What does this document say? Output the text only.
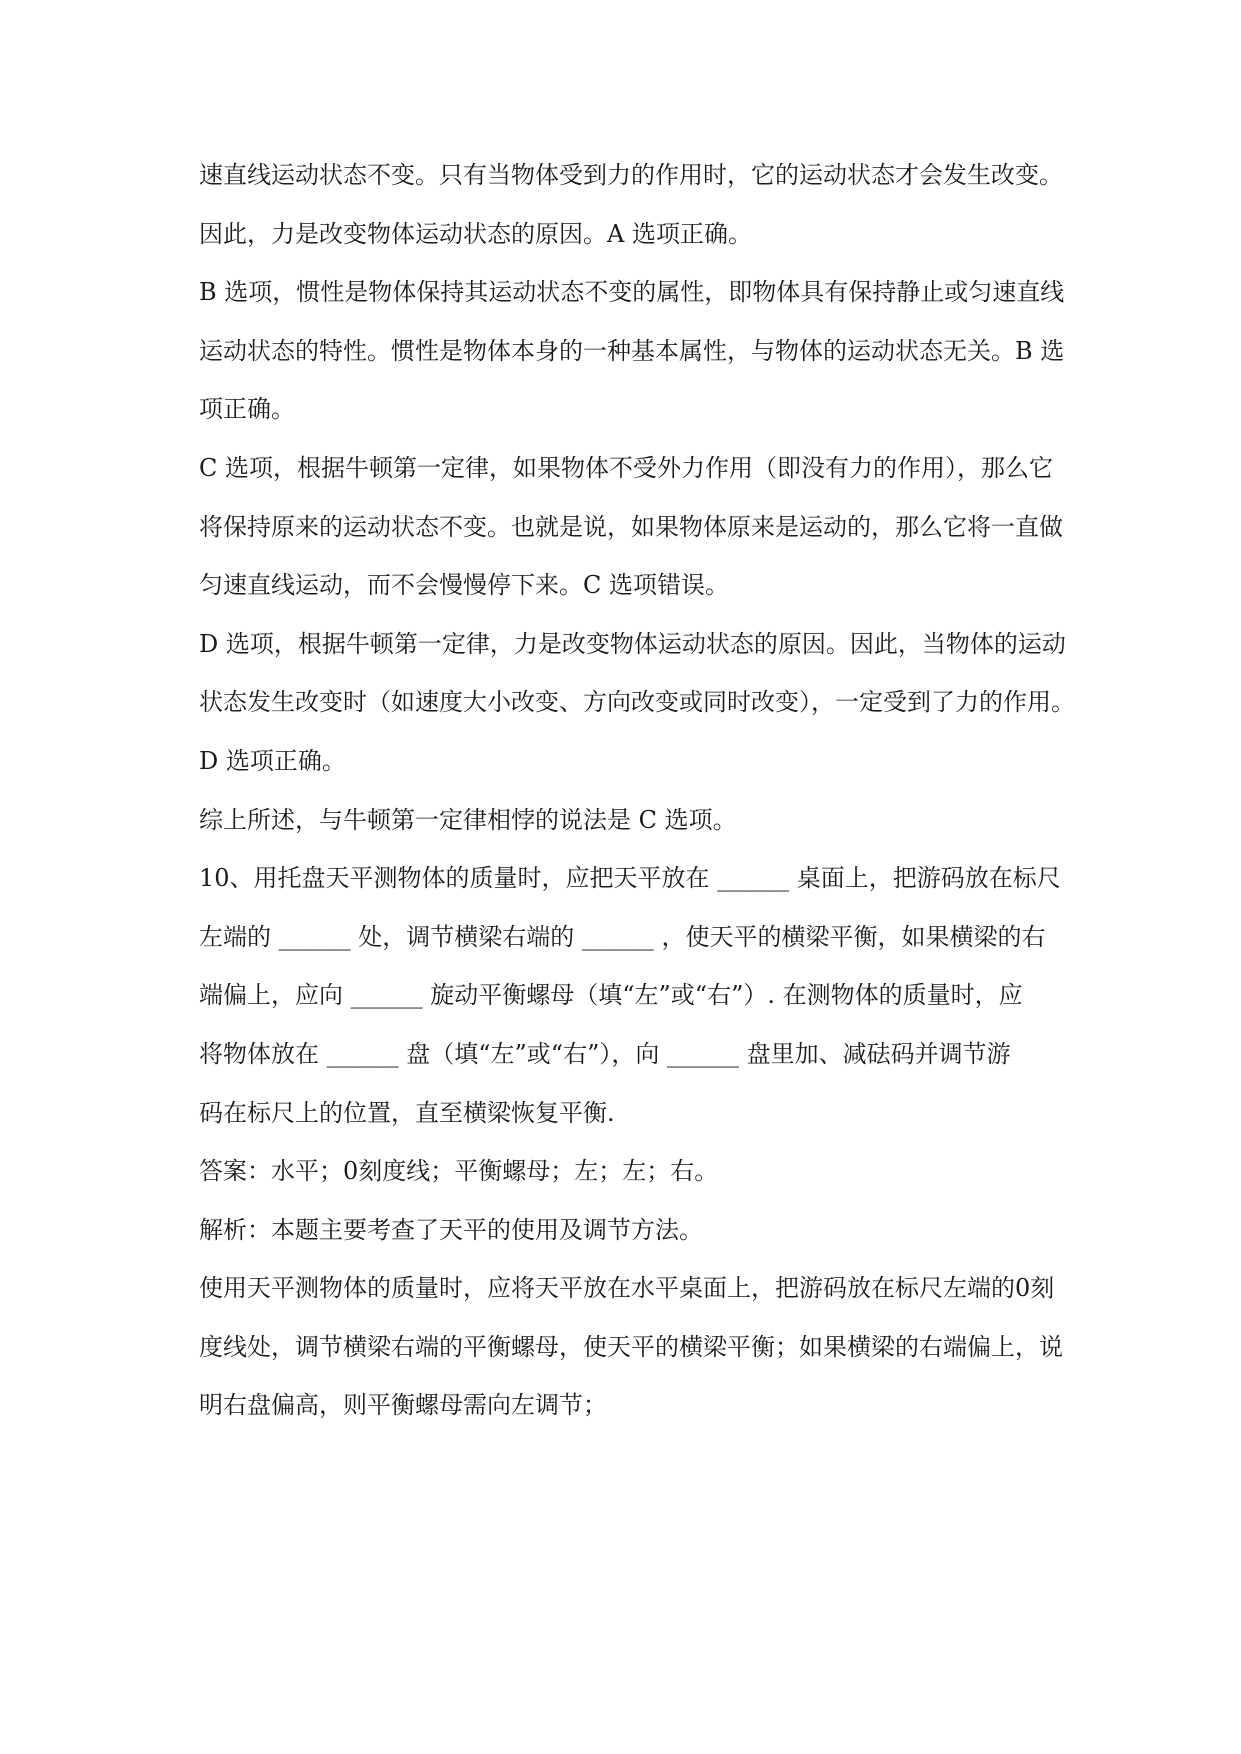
速直线运动状态不变。只有当物体受到力的作用时，它的运动状态才会发生改变。
因此，力是改变物体运动状态的原因。A 选项正确。
B 选项，惯性是物体保持其运动状态不变的属性，即物体具有保持静止或匀速直线
运动状态的特性。惯性是物体本身的一种基本属性，与物体的运动状态无关。B 选
项正确。
C 选项，根据牛顿第一定律，如果物体不受外力作用（即没有力的作用），那么它
将保持原来的运动状态不变。也就是说，如果物体原来是运动的，那么它将一直做
匀速直线运动，而不会慢慢停下来。C 选项错误。
D 选项，根据牛顿第一定律，力是改变物体运动状态的原因。因此，当物体的运动
状态发生改变时（如速度大小改变、方向改变或同时改变），一定受到了力的作用。
D 选项正确。
综上所述，与牛顿第一定律相悖的说法是 C 选项。
10、用托盘天平测物体的质量时，应把天平放在 ______ 桌面上，把游码放在标尺
左端的 ______ 处，调节横梁右端的 ______ ，使天平的横梁平衡，如果横梁的右
端偏上，应向 ______ 旋动平衡螺母（填“左”或“右”）. 在测物体的质量时，应
将物体放在 ______ 盘（填“左”或“右”），向 ______ 盘里加、减砝码并调节游
码在标尺上的位置，直至横梁恢复平衡.
答案：水平；0刻度线；平衡螺母；左；左；右。
解析：本题主要考查了天平的使用及调节方法。
使用天平测物体的质量时，应将天平放在水平桌面上，把游码放在标尺左端的0刻
度线处，调节横梁右端的平衡螺母，使天平的横梁平衡；如果横梁的右端偏上，说
明右盘偏高，则平衡螺母需向左调节；
